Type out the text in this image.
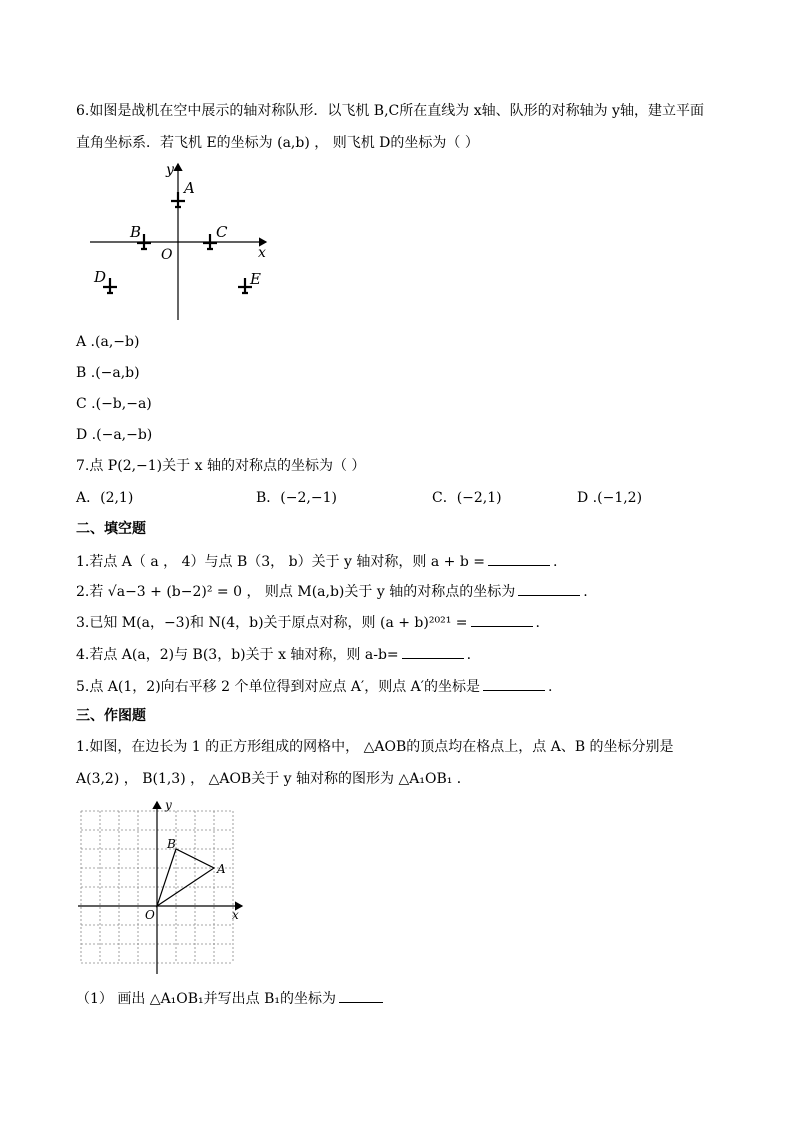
6.如图是战机在空中展示的轴对称队形．以飞机 B,C所在直线为 x轴、队形的对称轴为 y轴，建立平面
直角坐标系．若飞机 E的坐标为 (a,b) ， 则飞机 D的坐标为（ ）
y
x
O
A
B	C
D	E
A .(a,−b)
B .(−a,b)
C .(−b,−a)
D .(−a,−b)
7.点 P(2,−1)关于 x 轴的对称点的坐标为（ ）
A．(2,1)	B．(−2,−1)	C．(−2,1)	D .(−1,2)
二、填空题
1.若点 A（ a ， 4）与点 B（3， b）关于 y 轴对称，则 a + b =	.
2.若 √a−3 + (b−2)² = 0 ， 则点 M(a,b)关于 y 轴的对称点的坐标为	.
3.已知 M(a，−3)和 N(4，b)关于原点对称，则 (a + b)²⁰²¹ =	.
4.若点 A(a，2)与 B(3，b)关于 x 轴对称，则 a-b=	.
5.点 A(1，2)向右平移 2 个单位得到对应点 A′，则点 A′的坐标是	.
三、作图题
1.如图，在边长为 1 的正方形组成的网格中， △AOB的顶点均在格点上，点 A、B 的坐标分别是
A(3,2) ， B(1,3) ， △AOB关于 y 轴对称的图形为 △A₁OB₁ ．
y
x
O
A
B
（1） 画出 △A₁OB₁并写出点 B₁的坐标为
